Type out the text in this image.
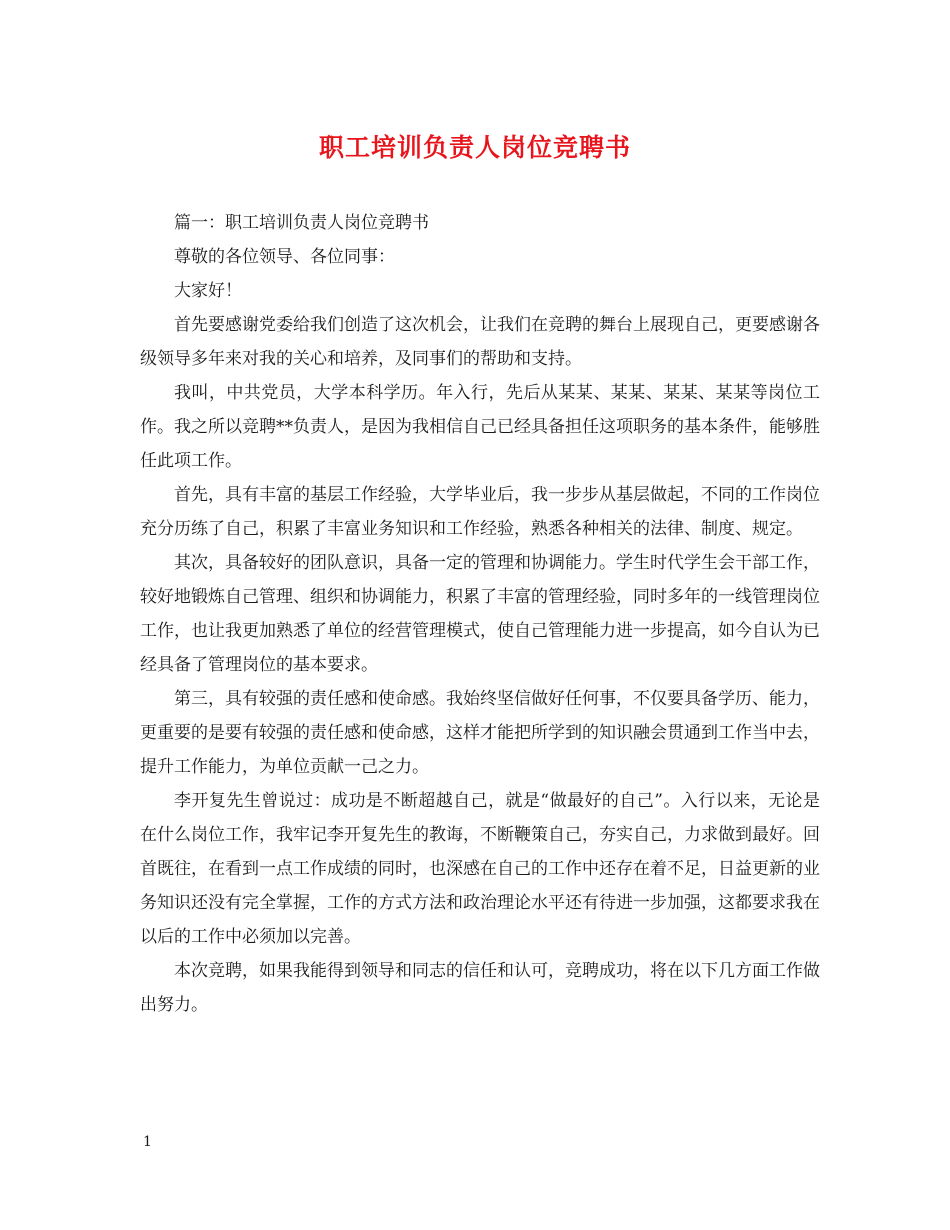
职工培训负责人岗位竞聘书

篇一：职工培训负责人岗位竞聘书

尊敬的各位领导、各位同事：

大家好！

首先要感谢党委给我们创造了这次机会，让我们在竞聘的舞台上展现自己，更要感谢各级领导多年来对我的关心和培养，及同事们的帮助和支持。

我叫，中共党员，大学本科学历。年入行，先后从某某、某某、某某、某某等岗位工作。我之所以竞聘**负责人，是因为我相信自己已经具备担任这项职务的基本条件，能够胜任此项工作。

首先，具有丰富的基层工作经验，大学毕业后，我一步步从基层做起，不同的工作岗位充分历练了自己，积累了丰富业务知识和工作经验，熟悉各种相关的法律、制度、规定。

其次，具备较好的团队意识，具备一定的管理和协调能力。学生时代学生会干部工作，较好地锻炼自己管理、组织和协调能力，积累了丰富的管理经验，同时多年的一线管理岗位工作，也让我更加熟悉了单位的经营管理模式，使自己管理能力进一步提高，如今自认为已经具备了管理岗位的基本要求。

第三，具有较强的责任感和使命感。我始终坚信做好任何事，不仅要具备学历、能力，更重要的是要有较强的责任感和使命感，这样才能把所学到的知识融会贯通到工作当中去，提升工作能力，为单位贡献一己之力。

李开复先生曾说过：成功是不断超越自己，就是“做最好的自己”。入行以来，无论是在什么岗位工作，我牢记李开复先生的教诲，不断鞭策自己，夯实自己，力求做到最好。回首既往，在看到一点工作成绩的同时，也深感在自己的工作中还存在着不足，日益更新的业务知识还没有完全掌握，工作的方式方法和政治理论水平还有待进一步加强，这都要求我在以后的工作中必须加以完善。

本次竞聘，如果我能得到领导和同志的信任和认可，竞聘成功，将在以下几方面工作做出努力。

1
